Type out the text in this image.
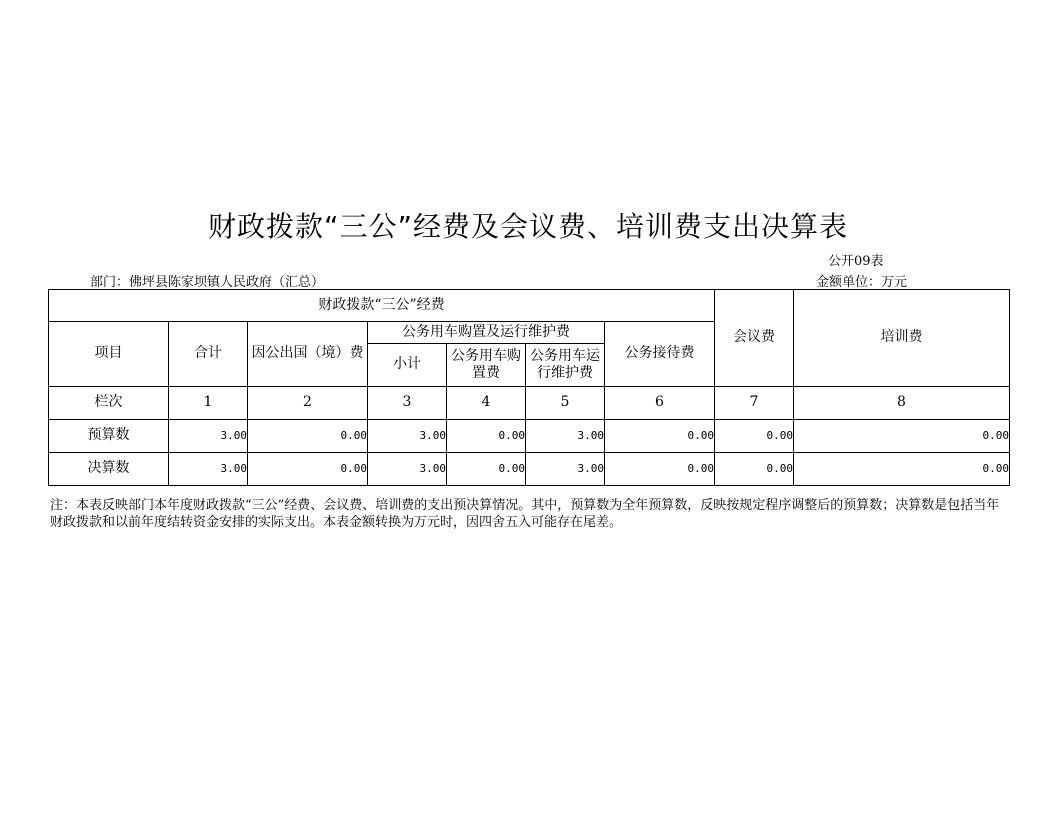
财政拨款“三公”经费及会议费、培训费支出决算表
公开09表
部门：佛坪县陈家坝镇人民政府（汇总）	金额单位：万元
财政拨款“三公”经费							会议费	培训费
项目	合计	因公出国（境）费	公务用车购置及运行维护费			公务接待费		
			小计	公务用车购置费	公务用车运行维护费			
栏次	1	2	3	4	5	6	7	8
预算数	3.00	0.00	3.00	0.00	3.00	0.00	0.00	0.00
决算数	3.00	0.00	3.00	0.00	3.00	0.00	0.00	0.00
注：本表反映部门本年度财政拨款“三公”经费、会议费、培训费的支出预决算情况。其中，预算数为全年预算数，反映按规定程序调整后的预算数；决算数是包括当年财政拨款和以前年度结转资金安排的实际支出。本表金额转换为万元时，因四舍五入可能存在尾差。
